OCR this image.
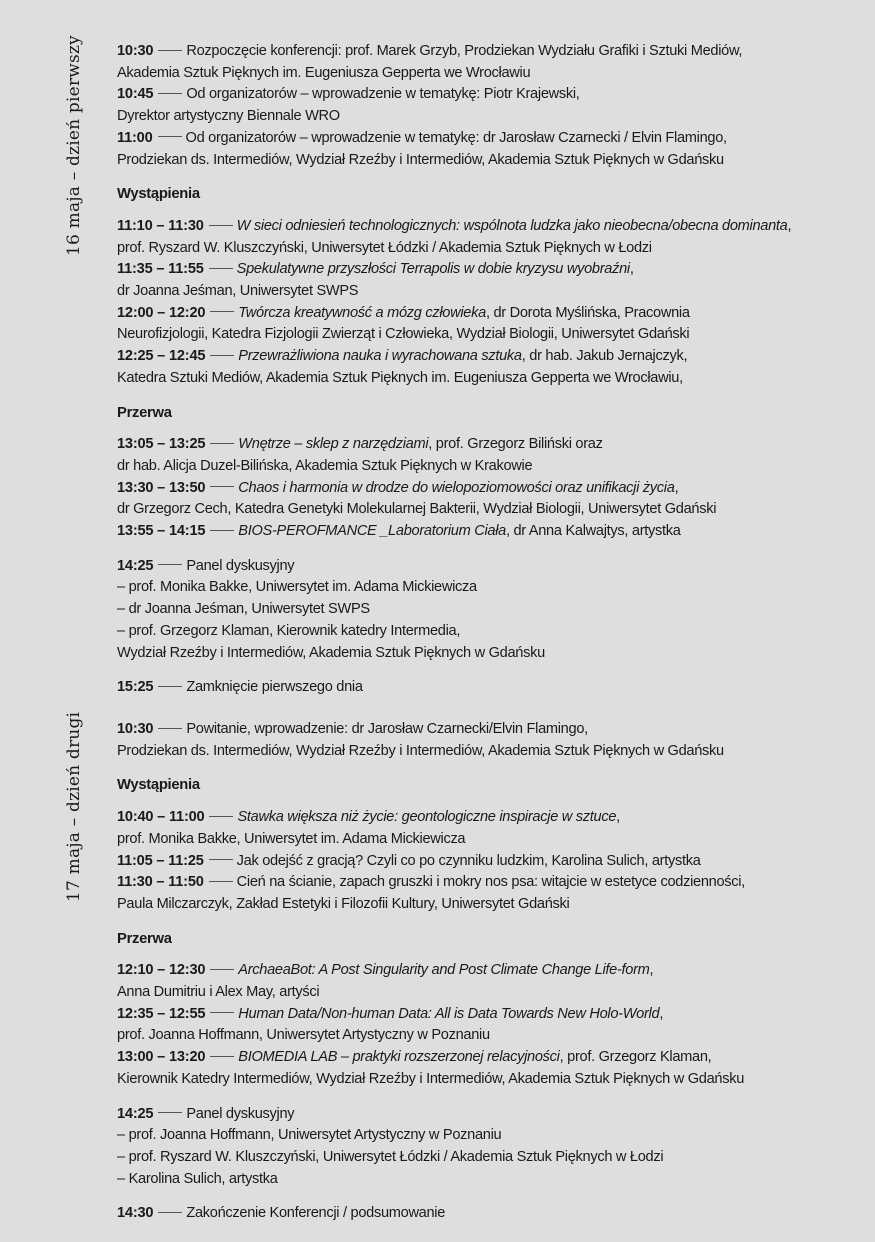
16 maja – dzień pierwszy
17 maja – dzień drugi
10:30 Rozpoczęcie konferencji: prof. Marek Grzyb, Prodziekan Wydziału Grafiki i Sztuki Mediów,
Akademia Sztuk Pięknych im. Eugeniusza Gepperta we Wrocławiu
10:45 Od organizatorów – wprowadzenie w tematykę: Piotr Krajewski,
Dyrektor artystyczny Biennale WRO
11:00 Od organizatorów – wprowadzenie w tematykę: dr Jarosław Czarnecki / Elvin Flamingo,
Prodziekan ds. Intermediów, Wydział Rzeźby i Intermediów, Akademia Sztuk Pięknych w Gdańsku
Wystąpienia
11:10 – 11:30 W sieci odniesień technologicznych: wspólnota ludzka jako nieobecna/obecna dominanta,
prof. Ryszard W. Kluszczyński, Uniwersytet Łódzki / Akademia Sztuk Pięknych w Łodzi
11:35 – 11:55 Spekulatywne przyszłości Terrapolis w dobie kryzysu wyobraźni,
dr Joanna Jeśman, Uniwersytet SWPS
12:00 – 12:20 Twórcza kreatywność a mózg człowieka, dr Dorota Myślińska, Pracownia
Neurofizjologii, Katedra Fizjologii Zwierząt i Człowieka, Wydział Biologii, Uniwersytet Gdański
12:25 – 12:45 Przewrażliwiona nauka i wyrachowana sztuka, dr hab. Jakub Jernajczyk,
Katedra Sztuki Mediów, Akademia Sztuk Pięknych im. Eugeniusza Gepperta we Wrocławiu,
Przerwa
13:05 – 13:25 Wnętrze – sklep z narzędziami, prof. Grzegorz Biliński oraz
dr hab. Alicja Duzel-Bilińska, Akademia Sztuk Pięknych w Krakowie
13:30 – 13:50 Chaos i harmonia w drodze do wielopoziomowości oraz unifikacji życia,
dr Grzegorz Cech, Katedra Genetyki Molekularnej Bakterii, Wydział Biologii, Uniwersytet Gdański
13:55 – 14:15 BIOS-PEROFMANCE _Laboratorium Ciała, dr Anna Kalwajtys, artystka
14:25 Panel dyskusyjny
– prof. Monika Bakke, Uniwersytet im. Adama Mickiewicza
– dr Joanna Jeśman, Uniwersytet SWPS
– prof. Grzegorz Klaman, Kierownik katedry Intermedia,
Wydział Rzeźby i Intermediów, Akademia Sztuk Pięknych w Gdańsku
15:25 Zamknięcie pierwszego dnia
10:30 Powitanie, wprowadzenie: dr Jarosław Czarnecki/Elvin Flamingo,
Prodziekan ds. Intermediów, Wydział Rzeźby i Intermediów, Akademia Sztuk Pięknych w Gdańsku
Wystąpienia
10:40 – 11:00 Stawka większa niż życie: geontologiczne inspiracje w sztuce,
prof. Monika Bakke, Uniwersytet im. Adama Mickiewicza
11:05 – 11:25 Jak odejść z gracją? Czyli co po czynniku ludzkim, Karolina Sulich, artystka
11:30 – 11:50 Cień na ścianie, zapach gruszki i mokry nos psa: witajcie w estetyce codzienności,
Paula Milczarczyk, Zakład Estetyki i Filozofii Kultury, Uniwersytet Gdański
Przerwa
12:10 – 12:30 ArchaeaBot: A Post Singularity and Post Climate Change Life-form,
Anna Dumitriu i Alex May, artyści
12:35 – 12:55 Human Data/Non-human Data: All is Data Towards New Holo-World,
prof. Joanna Hoffmann, Uniwersytet Artystyczny w Poznaniu
13:00 – 13:20 BIOMEDIA LAB – praktyki rozszerzonej relacyjności, prof. Grzegorz Klaman,
Kierownik Katedry Intermediów, Wydział Rzeźby i Intermediów, Akademia Sztuk Pięknych w Gdańsku
14:25 Panel dyskusyjny
– prof. Joanna Hoffmann, Uniwersytet Artystyczny w Poznaniu
– prof. Ryszard W. Kluszczyński, Uniwersytet Łódzki / Akademia Sztuk Pięknych w Łodzi
– Karolina Sulich, artystka
14:30 Zakończenie Konferencji / podsumowanie
